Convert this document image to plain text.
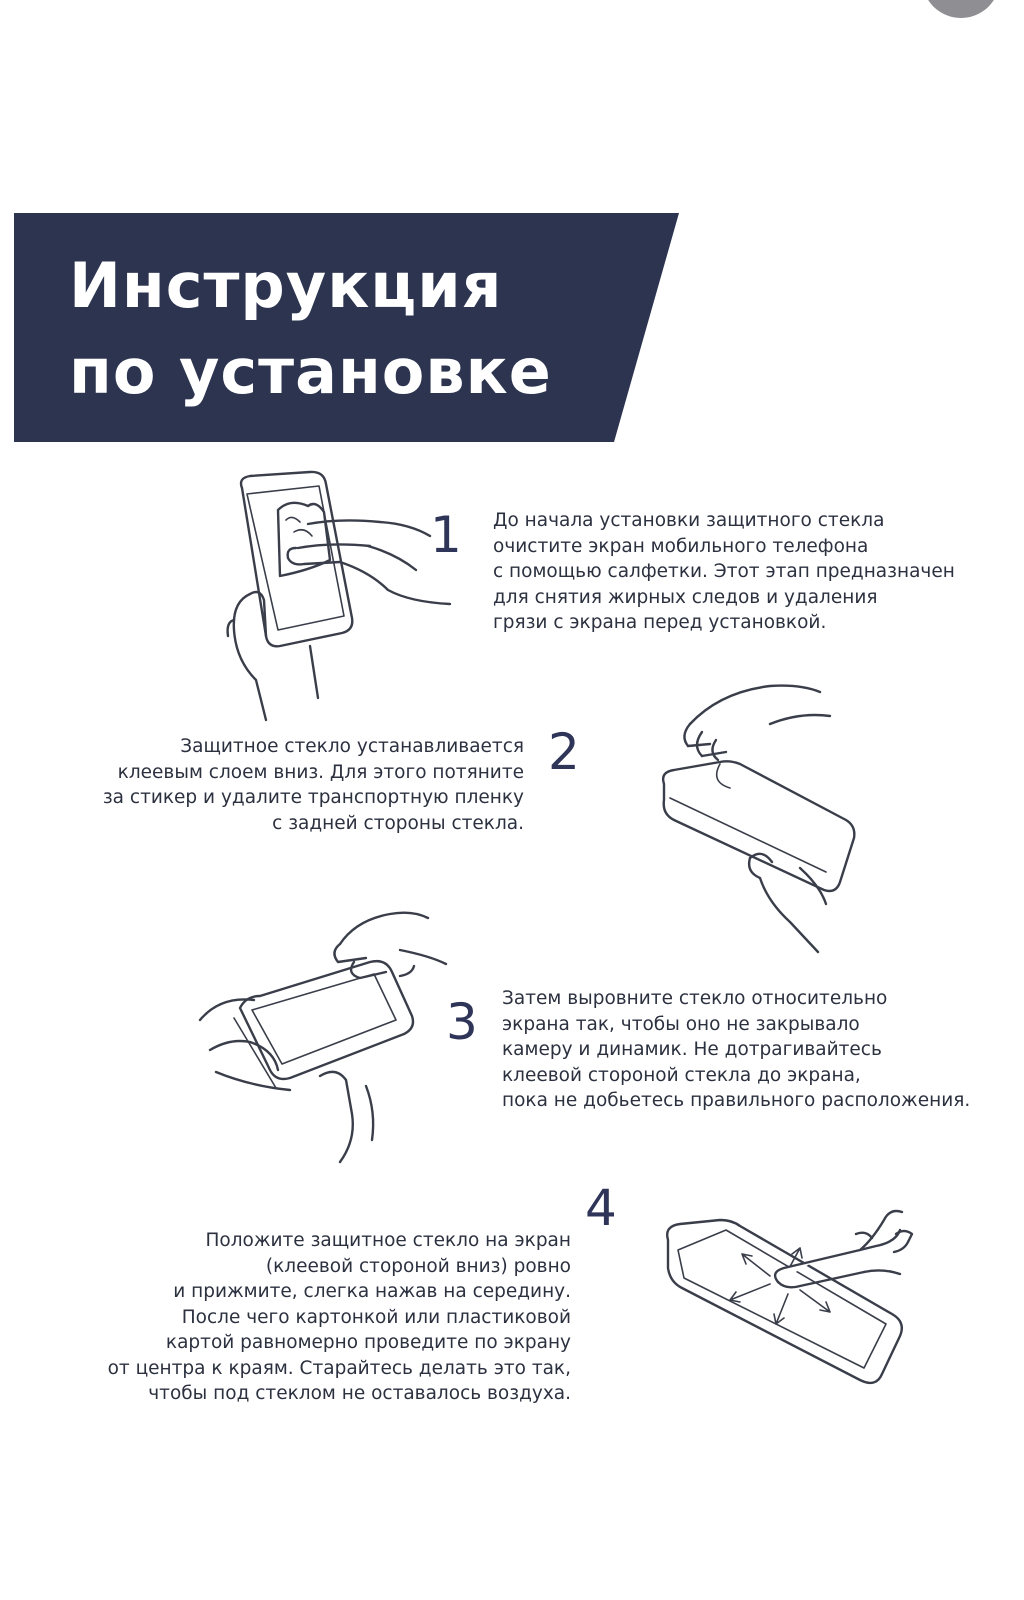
Инструкция
по установке
1 До начала установки защитного стекла
очистите экран мобильного телефона
с помощью салфетки. Этот этап предназначен
для снятия жирных следов и удаления
грязи с экрана перед установкой.

Защитное стекло устанавливается
клеевым слоем вниз. Для этого потяните
за стикер и удалите транспортную пленку
с задней стороны стекла.

2
3 Затем выровните стекло относительно
экрана так, чтобы оно не закрывало
камеру и динамик. Не дотрагивайтесь
клеевой стороной стекла до экрана,
пока не добьетесь правильного расположения.

4

Положите защитное стекло на экран
(клеевой стороной вниз) ровно
и прижмите, слегка нажав на середину.
После чего картонкой или пластиковой
картой равномерно проведите по экрану
от центра к краям. Старайтесь делать это так,
чтобы под стеклом не оставалось воздуха.
